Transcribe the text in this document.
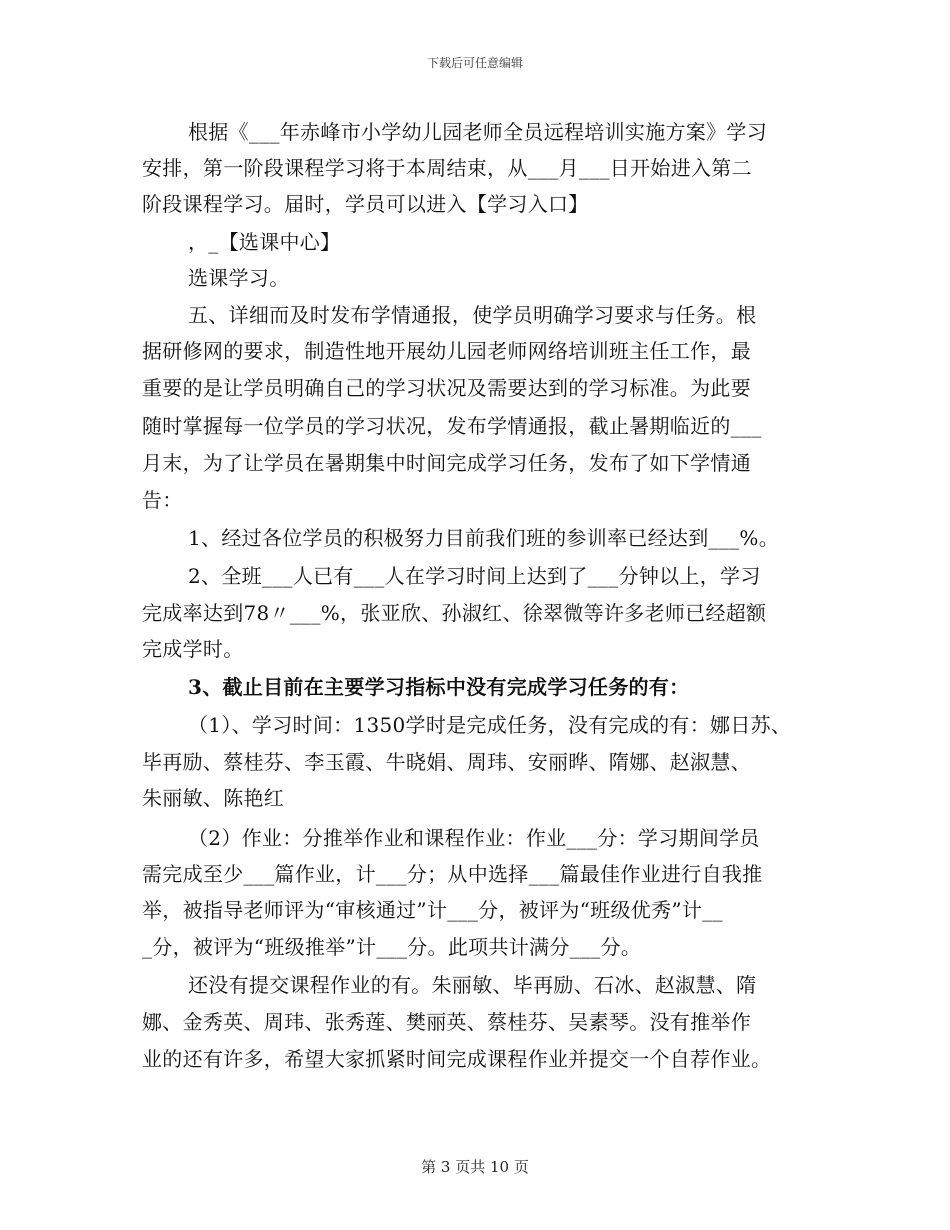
下载后可任意编辑
根据《___年赤峰市小学幼儿园老师全员远程培训实施方案》学习
安排，第一阶段课程学习将于本周结束，从___月___日开始进入第二
阶段课程学习。届时，学员可以进入【学习入口】
，_【选课中心】
选课学习。
五、详细而及时发布学情通报，使学员明确学习要求与任务。根
据研修网的要求，制造性地开展幼儿园老师网络培训班主任工作，最
重要的是让学员明确自己的学习状况及需要达到的学习标准。为此要
随时掌握每一位学员的学习状况，发布学情通报，截止暑期临近的___
月末，为了让学员在暑期集中时间完成学习任务，发布了如下学情通
告：
1、经过各位学员的积极努力目前我们班的参训率已经达到___%。
2、全班___人已有___人在学习时间上达到了___分钟以上，学习
完成率达到78〃___%，张亚欣、孙淑红、徐翠微等许多老师已经超额
完成学时。
3、截止目前在主要学习指标中没有完成学习任务的有：
（1）、学习时间：1350学时是完成任务，没有完成的有：娜日苏、
毕再励、蔡桂芬、李玉霞、牛晓娟、周玮、安丽晔、隋娜、赵淑慧、
朱丽敏、陈艳红
（2）作业：分推举作业和课程作业：作业___分：学习期间学员
需完成至少___篇作业，计___分；从中选择___篇最佳作业进行自我推
举，被指导老师评为“审核通过”计___分，被评为“班级优秀”计__
_分，被评为“班级推举”计___分。此项共计满分___分。
还没有提交课程作业的有。朱丽敏、毕再励、石冰、赵淑慧、隋
娜、金秀英、周玮、张秀莲、樊丽英、蔡桂芬、吴素琴。没有推举作
业的还有许多，希望大家抓紧时间完成课程作业并提交一个自荐作业。
第 3 页共 10 页
